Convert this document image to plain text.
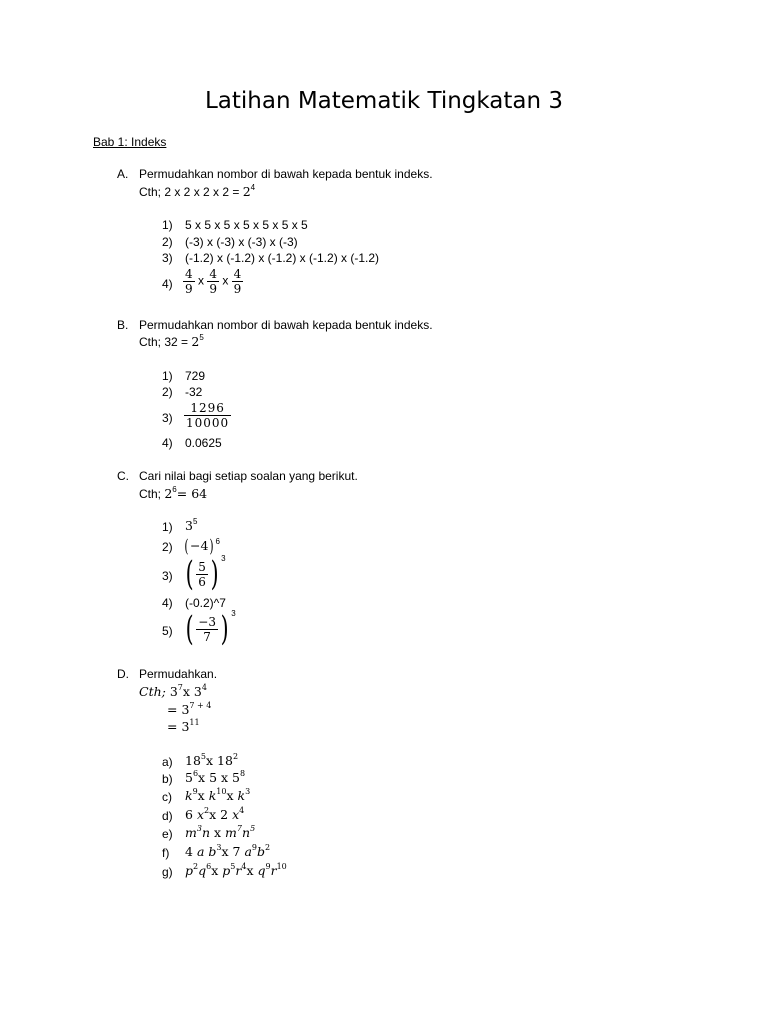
Latihan Matematik Tingkatan 3
Bab 1: Indeks
A. Permudahkan nombor di bawah kepada bentuk indeks.
Cth; 2 x 2 x 2 x $2 = 2^4$
1) 5 x 5 x 5 x 5 x 5 x 5 x 5
2) (-3) x (-3) x (-3) x (-3)
3) (-1.2) x (-1.2) x (-1.2) x (-1.2) x (-1.2)
$4) \frac{4}{9}$ x $\frac{4}{9}$ x $\frac{4}{9}$
B. Permudahkan nombor di bawah kepada bentuk indeks.
Cth; $32 = 2^5$
1) 729
2) -32
$3) \frac{1296}{10000}$
4) 0.0625
C. Cari nilai bagi setiap soalan yang berikut.
Cth; $2^6= 64$
1) $3^5$
2) $(-4)^6$
3) ( $\frac{5}{6}$ ) $^3$
4) (-0.2)^7
5) ( $\frac{-3}{7}$ ) $^3$
D. Permudahkan.
Cth; $3^7x$ $3^4$
= $3^{7 + 4}$
= $3^{11}$
a) $18^5x$ $18^2$
b) $5^6x$ 5 x $5^8$
c) $k^9x$ $k^{10}x$ $k^3$
d) 6 $x^2x$ 2 $x^4$
e) $m^3n$ x $m^7n^5$
f) 4 a $b^3x$ 7 $a^9b^2$
g) $p^2q^6x$ $p^5r^4x$ $q^9r^{10}$
